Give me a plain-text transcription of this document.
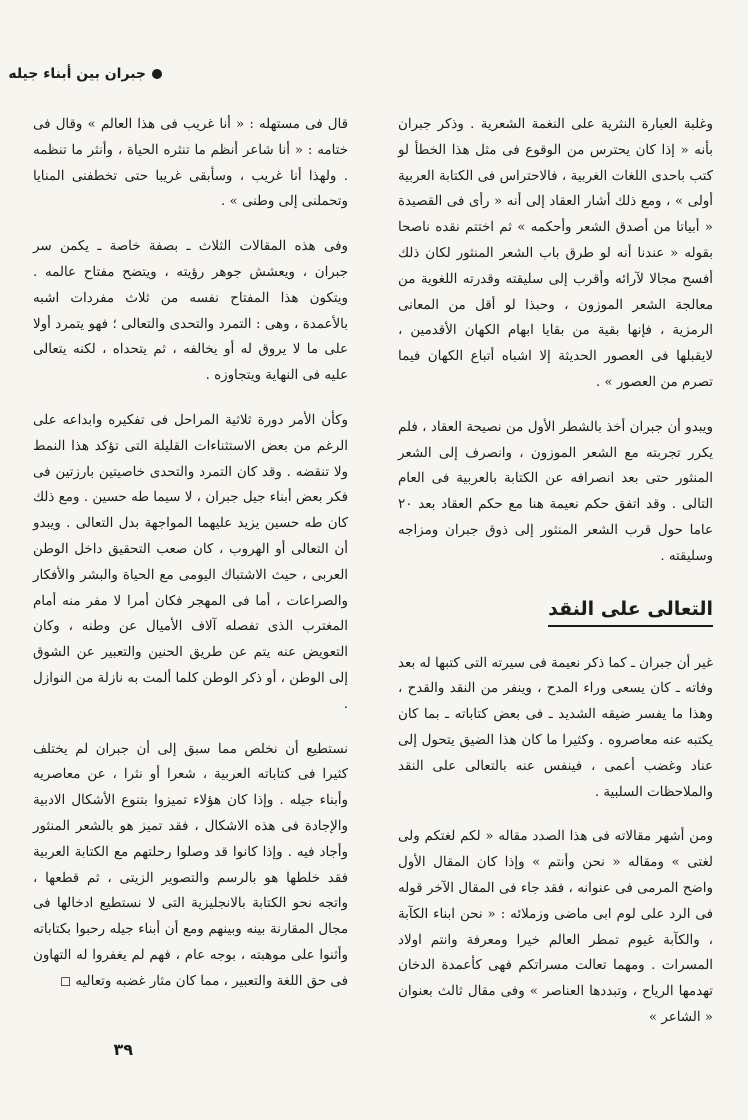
جبران بين أبناء جيله

وغلبة العبارة النثرية على النغمة الشعرية . وذكر جبران بأنه « إذا كان يحترس من الوقوع فى مثل هذا الخطأ لو كتب باحدى اللغات الغربية ، فالاحتراس فى الكتابة العربية أولى » ، ومع ذلك أشار العقاد إلى أنه « رأى فى القصيدة « أبياتا من أصدق الشعر وأحكمه » ثم اختتم نقده ناصحا بقوله « عندنا أنه لو طرق باب الشعر المنثور لكان ذلك أفسح مجالا لآرائه وأقرب إلى سليقته وقدرته اللغوية من معالجة الشعر الموزون ، وحبذا لو أقل من المعانى الرمزية ، فإنها بقية من بقايا ابهام الكهان الأقدمين ، لايقبلها فى العصور الحديثة إلا اشباه أتباع الكهان فيما تصرم من العصور » .

ويبدو أن جبران أخذ بالشطر الأول من نصيحة العقاد ، فلم يكرر تجربته مع الشعر الموزون ، وانصرف إلى الشعر المنثور حتى بعد انصرافه عن الكتابة بالعربية فى العام التالى . وقد اتفق حكم نعيمة هنا مع حكم العقاد بعد ٢٠ عاما حول قرب الشعر المنثور إلى ذوق جبران ومزاجه وسليقته .

التعالى على النقد

غير أن جبران ـ كما ذكر نعيمة فى سيرته التى كتبها له بعد وفاته ـ كان يسعى وراء المدح ، وينفر من النقد والقدح ، وهذا ما يفسر ضيقه الشديد ـ فى بعض كتاباته ـ بما كان يكتبه عنه معاصروه . وكثيرا ما كان هذا الضيق يتحول إلى عناد وغضب أعمى ، فينفس عنه بالتعالى على النقد والملاحظات السلبية .

ومن أشهر مقالاته فى هذا الصدد مقاله « لكم لغتكم ولى لغتى » ومقاله « نحن وأنتم » وإذا كان المقال الأول واضح المرمى فى عنوانه ، فقد جاء فى المقال الآخر قوله فى الرد على لوم ابى ماضى وزملائه : « نحن ابناء الكآبة ، والكآبة غيوم تمطر العالم خيرا ومعرفة وانتم اولاد المسرات . ومهما تعالت مسراتكم فهى كأعمدة الدخان تهدمها الرياح ، وتبددها العناصر » وفى مقال ثالث بعنوان « الشاعر »

قال فى مستهله : « أنا غريب فى هذا العالم » وقال فى ختامه : « أنا شاعر أنظم ما تنثره الحياة ، وأنثر ما تنظمه . ولهذا أنا غريب ، وسأبقى غريبا حتى تخطفنى المنايا وتحملنى إلى وطنى » .

وفى هذه المقالات الثلاث ـ بصفة خاصة ـ يكمن سر جبران ، ويعشش جوهر رؤيته ، ويتضح مفتاح عالمه . ويتكون هذا المفتاح نفسه من ثلاث مفردات اشبه بالأعمدة ، وهى : التمرد والتحدى والتعالى ؛ فهو يتمرد أولا على ما لا يروق له أو يخالفه ، ثم يتحداه ، لكنه يتعالى عليه فى النهاية ويتجاوزه .

وكأن الأمر دورة ثلاثية المراحل فى تفكيره وابداعه على الرغم من بعض الاستثناءات القليلة التى تؤكد هذا النمط ولا تنقضه . وقد كان التمرد والتحدى خاصيتين بارزتين فى فكر بعض أبناء جيل جبران ، لا سيما طه حسين . ومع ذلك كان طه حسين يزيد عليهما المواجهة بدل التعالى . ويبدو أن التعالى أو الهروب ، كان صعب التحقيق داخل الوطن العربى ، حيث الاشتباك اليومى مع الحياة والبشر والأفكار والصراعات ، أما فى المهجر فكان أمرا لا مفر منه أمام المغترب الذى تفصله آلاف الأميال عن وطنه ، وكان التعويض عنه يتم عن طريق الحنين والتعبير عن الشوق إلى الوطن ، أو ذكر الوطن كلما ألمت به نازلة من النوازل .

نستطيع أن نخلص مما سبق إلى أن جبران لم يختلف كثيرا فى كتاباته العربية ، شعرا أو نثرا ، عن معاصريه وأبناء جيله . وإذا كان هؤلاء تميزوا بتنوع الأشكال الادبية والإجادة فى هذه الاشكال ، فقد تميز هو بالشعر المنثور وأجاد فيه . وإذا كانوا قد وصلوا رحلتهم مع الكتابة العربية فقد خلطها هو بالرسم والتصوير الزيتى ، ثم قطعها ، واتجه نحو الكتابة بالانجليزية التى لا نستطيع ادخالها فى مجال المقارنة بينه وبينهم ومع أن أبناء جيله رحبوا بكتاباته وأثنوا على موهبته ، بوجه عام ، فهم لم يغفروا له التهاون فى حق اللغة والتعبير ، مما كان مثار غضبه وتعاليه ◻

٣٩
